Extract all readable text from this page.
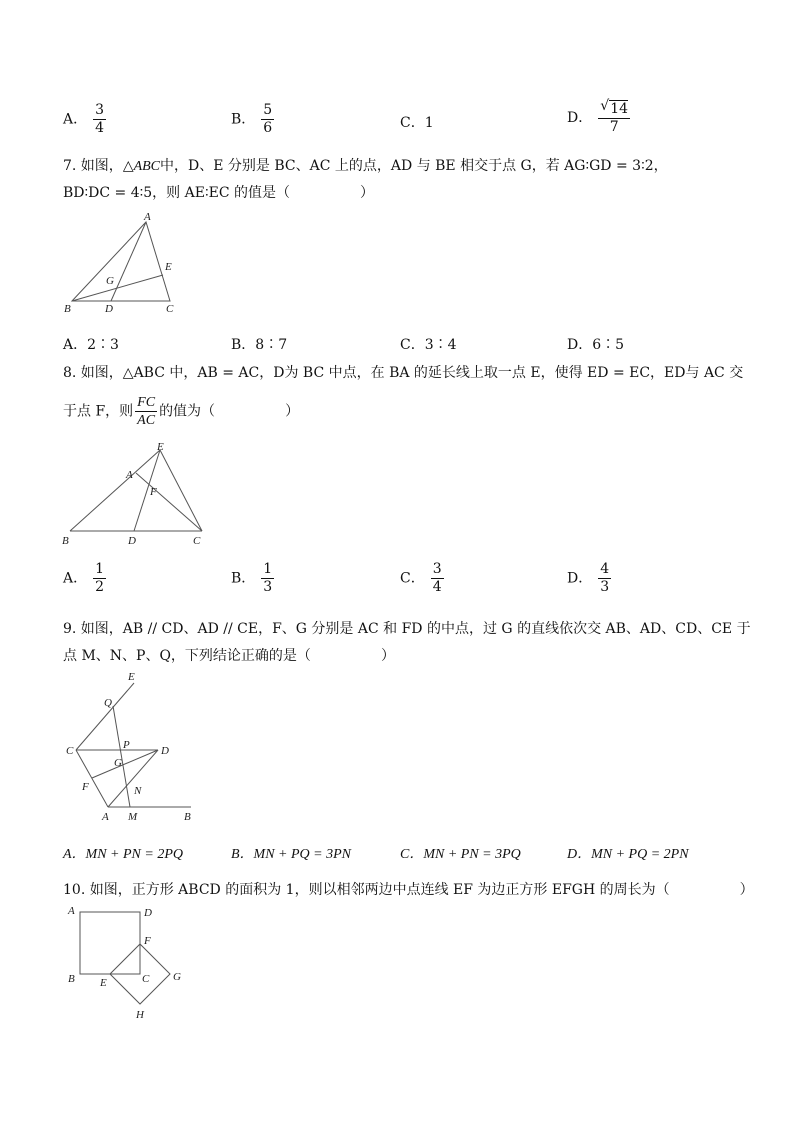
A． $\frac{3}{4}$	B． $\frac{5}{6}$	C．1	D．
√ $\frac{14}{7}$
7. 如图，△ABC中，D、E 分别是 BC、AC 上的点，AD 与 BE 相交于点 G，若 AG∶GD = 3∶2，
BD∶DC = 4∶5，则 AE∶EC 的值是（	）
A
B	C
D
E
G
A．2∶3	B．8∶7	C．3∶4	D．6∶5
8. 如图，△ABC 中，AB = AC，D为 BC 中点，在 BA 的延长线上取一点 E，使得 ED = EC，ED与 AC 交
于点 F，则 $\frac{FC}{AC}$ 的值为（	）
B	D	C
E
A
F
A． $\frac{1}{2}$	B． $\frac{1}{3}$	C． $\frac{3}{4}$	D． $\frac{4}{3}$
9. 如图，AB // CD、AD // CE，F、G 分别是 AC 和 FD 的中点，过 G 的直线依次交 AB、AD、CD、CE 于
点 M、N、P、Q，下列结论正确的是（	）
E
Q
C	D
P
G
F	N
A M	B
A．MN + PN = 2PQ	B．MN + PQ = 3PN	C．MN + PN = 3PQ	D．MN + PQ = 2PN
10. 如图，正方形 ABCD 的面积为 1，则以相邻两边中点连线 EF 为边正方形 EFGH 的周长为（	）
A	D
B	C
E
F
G
H
